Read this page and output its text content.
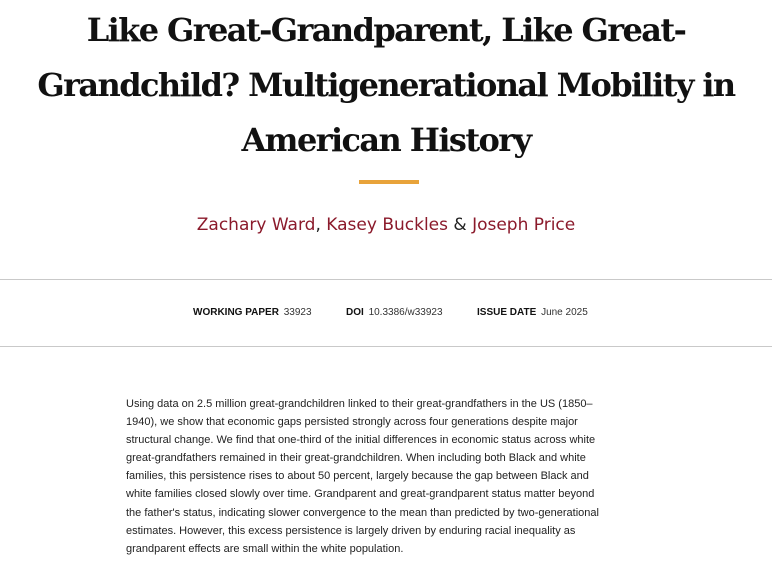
Like Great-Grandparent, Like Great-
Grandchild? Multigenerational Mobility in
American History
Zachary Ward, Kasey Buckles & Joseph Price
WORKING PAPER 33923	DOI 10.3386/w33923	ISSUE DATE June 2025

Using data on 2.5 million great-grandchildren linked to their great-grandfathers in the US (1850–
1940), we show that economic gaps persisted strongly across four generations despite major
structural change. We find that one-third of the initial differences in economic status across white
great-grandfathers remained in their great-grandchildren. When including both Black and white
families, this persistence rises to about 50 percent, largely because the gap between Black and
white families closed slowly over time. Grandparent and great-grandparent status matter beyond
the father's status, indicating slower convergence to the mean than predicted by two-generational
estimates. However, this excess persistence is largely driven by enduring racial inequality as
grandparent effects are small within the white population.
